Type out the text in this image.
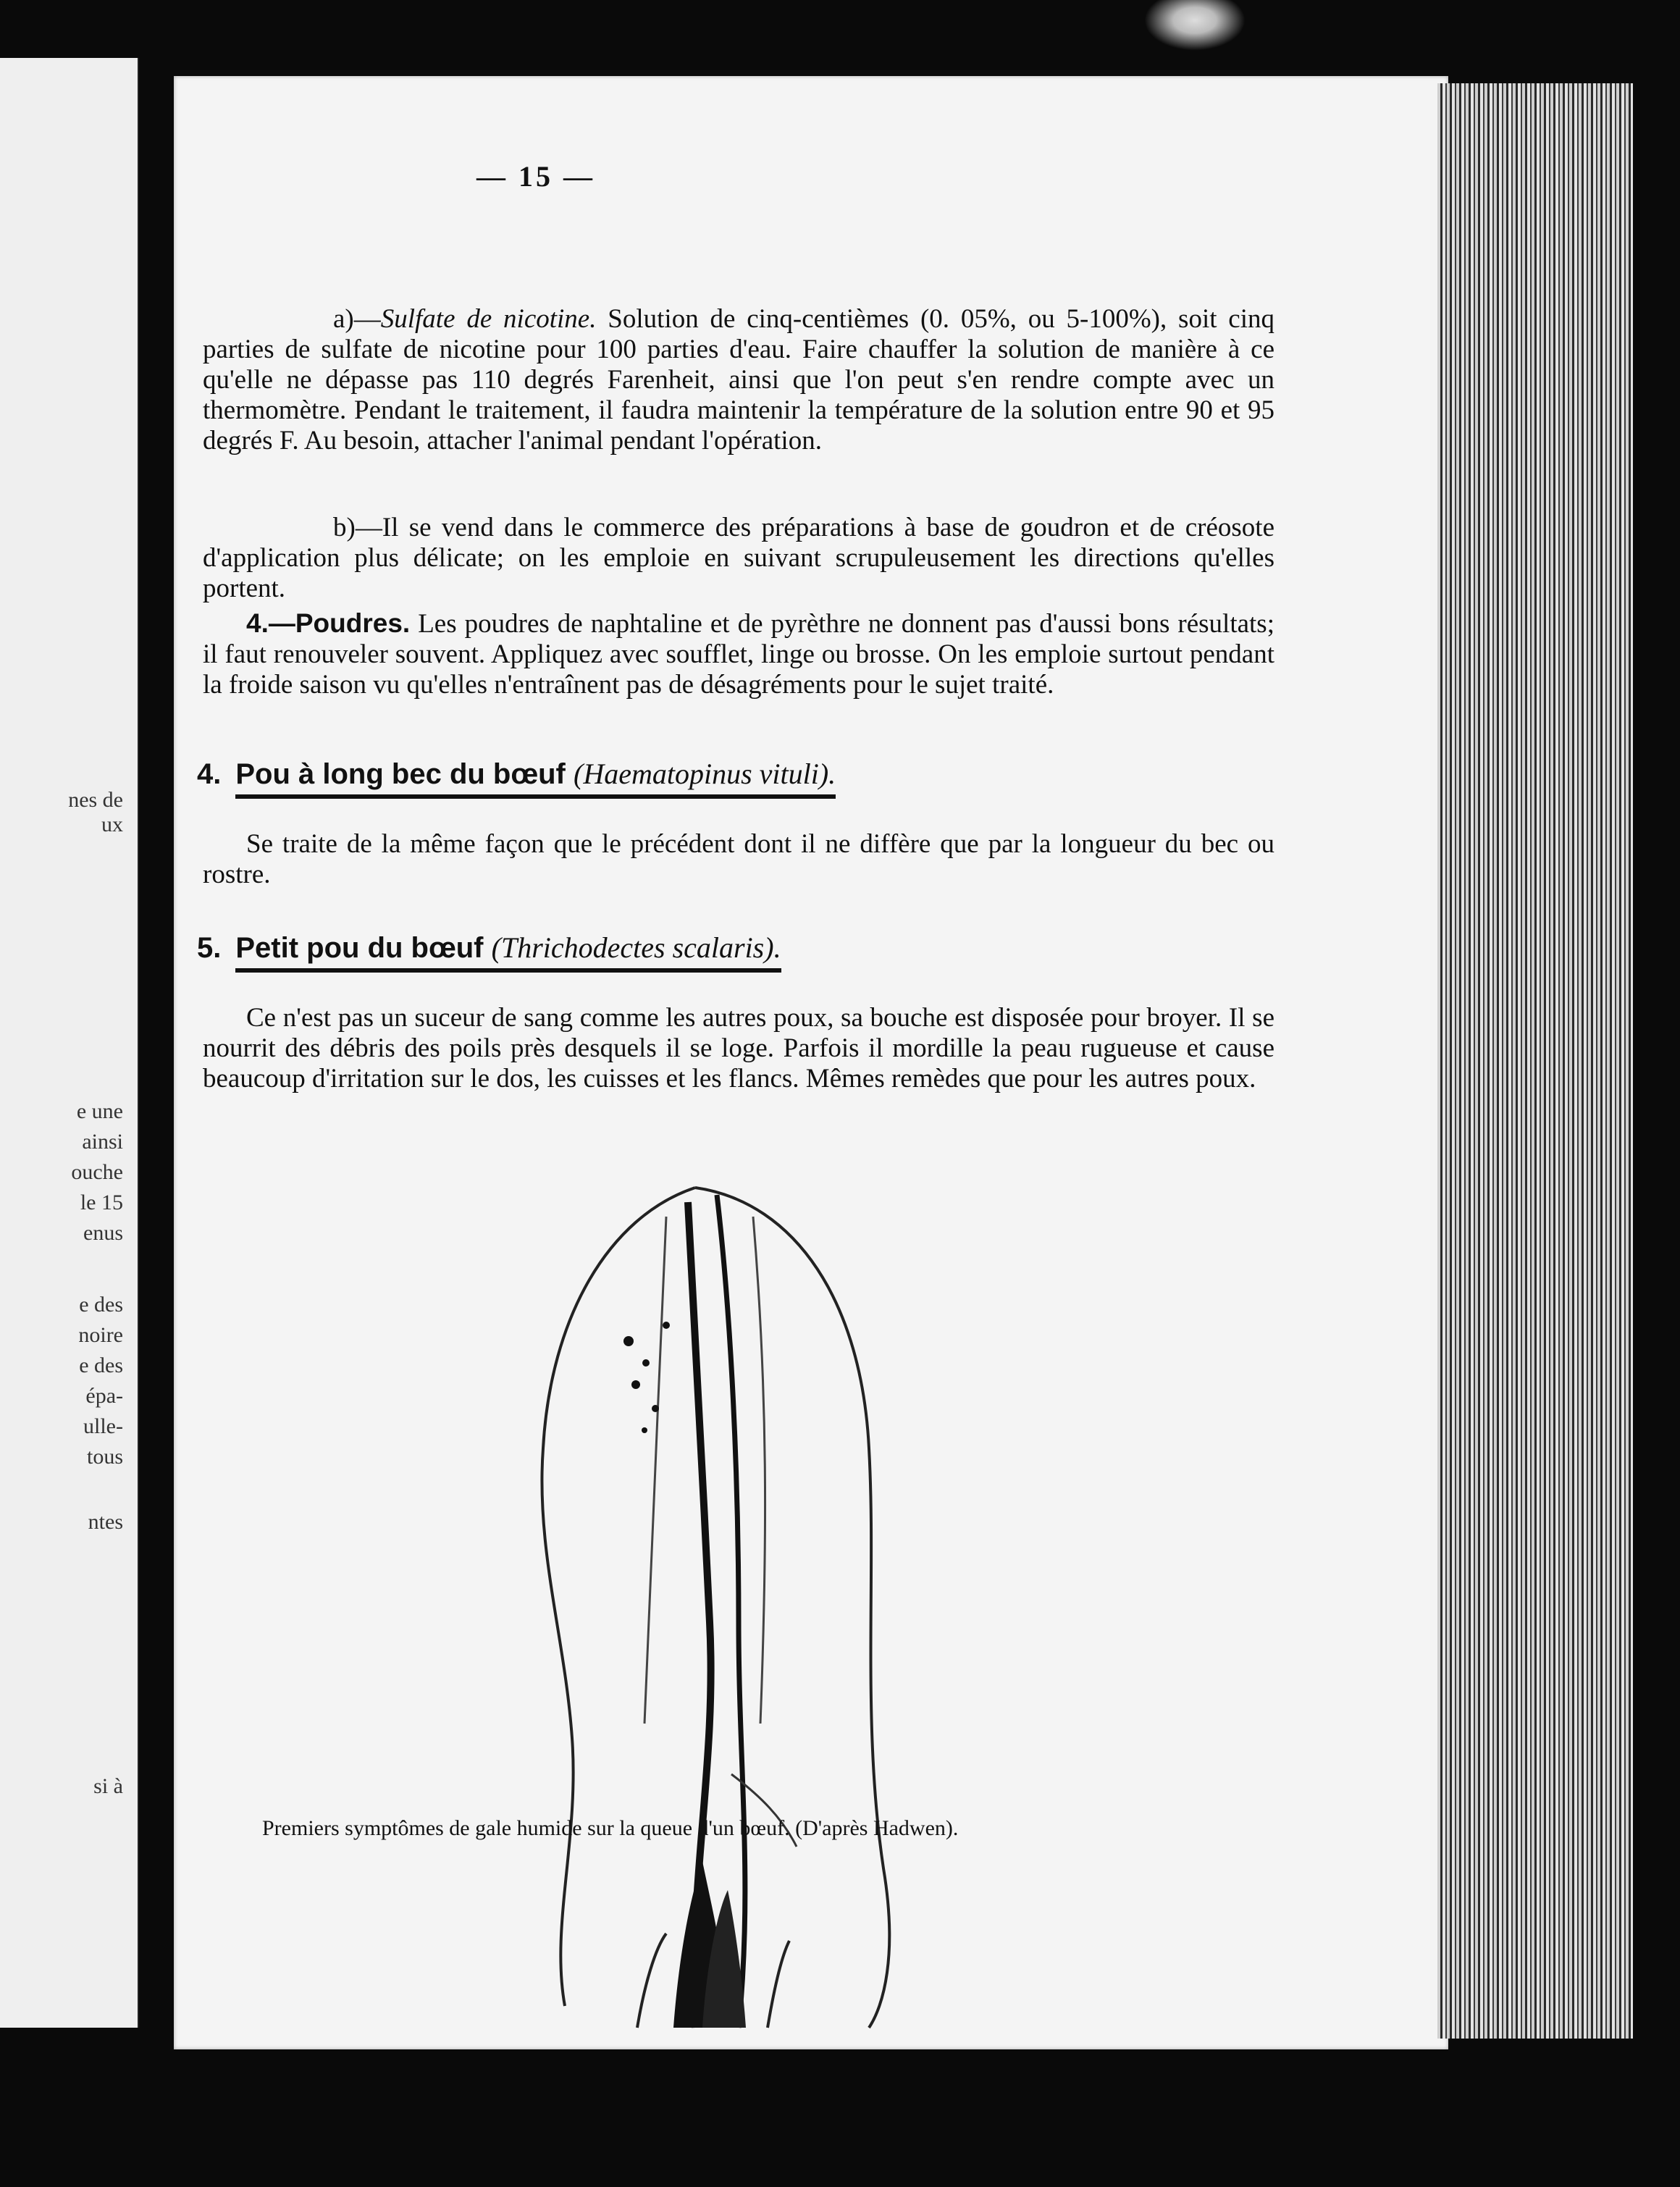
nes de
ux
e une
ainsi
ouche
le 15
enus
e des
noire
e des
épa-
ulle-
tous
ntes
si à
— 15 —

a)—Sulfate de nicotine. Solution de cinq-centièmes (0. 05%, ou 5-100%), soit cinq parties de sulfate de nicotine pour 100 parties d'eau. Faire chauffer la solution de manière à ce qu'elle ne dépasse pas 110 degrés Farenheit, ainsi que l'on peut s'en rendre compte avec un thermomètre. Pendant le traitement, il faudra maintenir la température de la solution entre 90 et 95 degrés F. Au besoin, attacher l'animal pendant l'opération.

b)—Il se vend dans le commerce des préparations à base de goudron et de créosote d'application plus délicate; on les emploie en suivant scrupuleusement les directions qu'elles portent.

4.—Poudres. Les poudres de naphtaline et de pyrèthre ne donnent pas d'aussi bons résultats; il faut renouveler souvent. Appliquez avec soufflet, linge ou brosse. On les emploie surtout pendant la froide saison vu qu'elles n'entraînent pas de désagréments pour le sujet traité.

4. Pou à long bec du bœuf (Haematopinus vituli).

Se traite de la même façon que le précédent dont il ne diffère que par la longueur du bec ou rostre.

5. Petit pou du bœuf (Thrichodectes scalaris).

Ce n'est pas un suceur de sang comme les autres poux, sa bouche est disposée pour broyer. Il se nourrit des débris des poils près desquels il se loge. Parfois il mordille la peau rugueuse et cause beaucoup d'irritation sur le dos, les cuisses et les flancs. Mêmes remèdes que pour les autres poux.

Premiers symptômes de gale humide sur la queue d'un bœuf. (D'après Hadwen).
